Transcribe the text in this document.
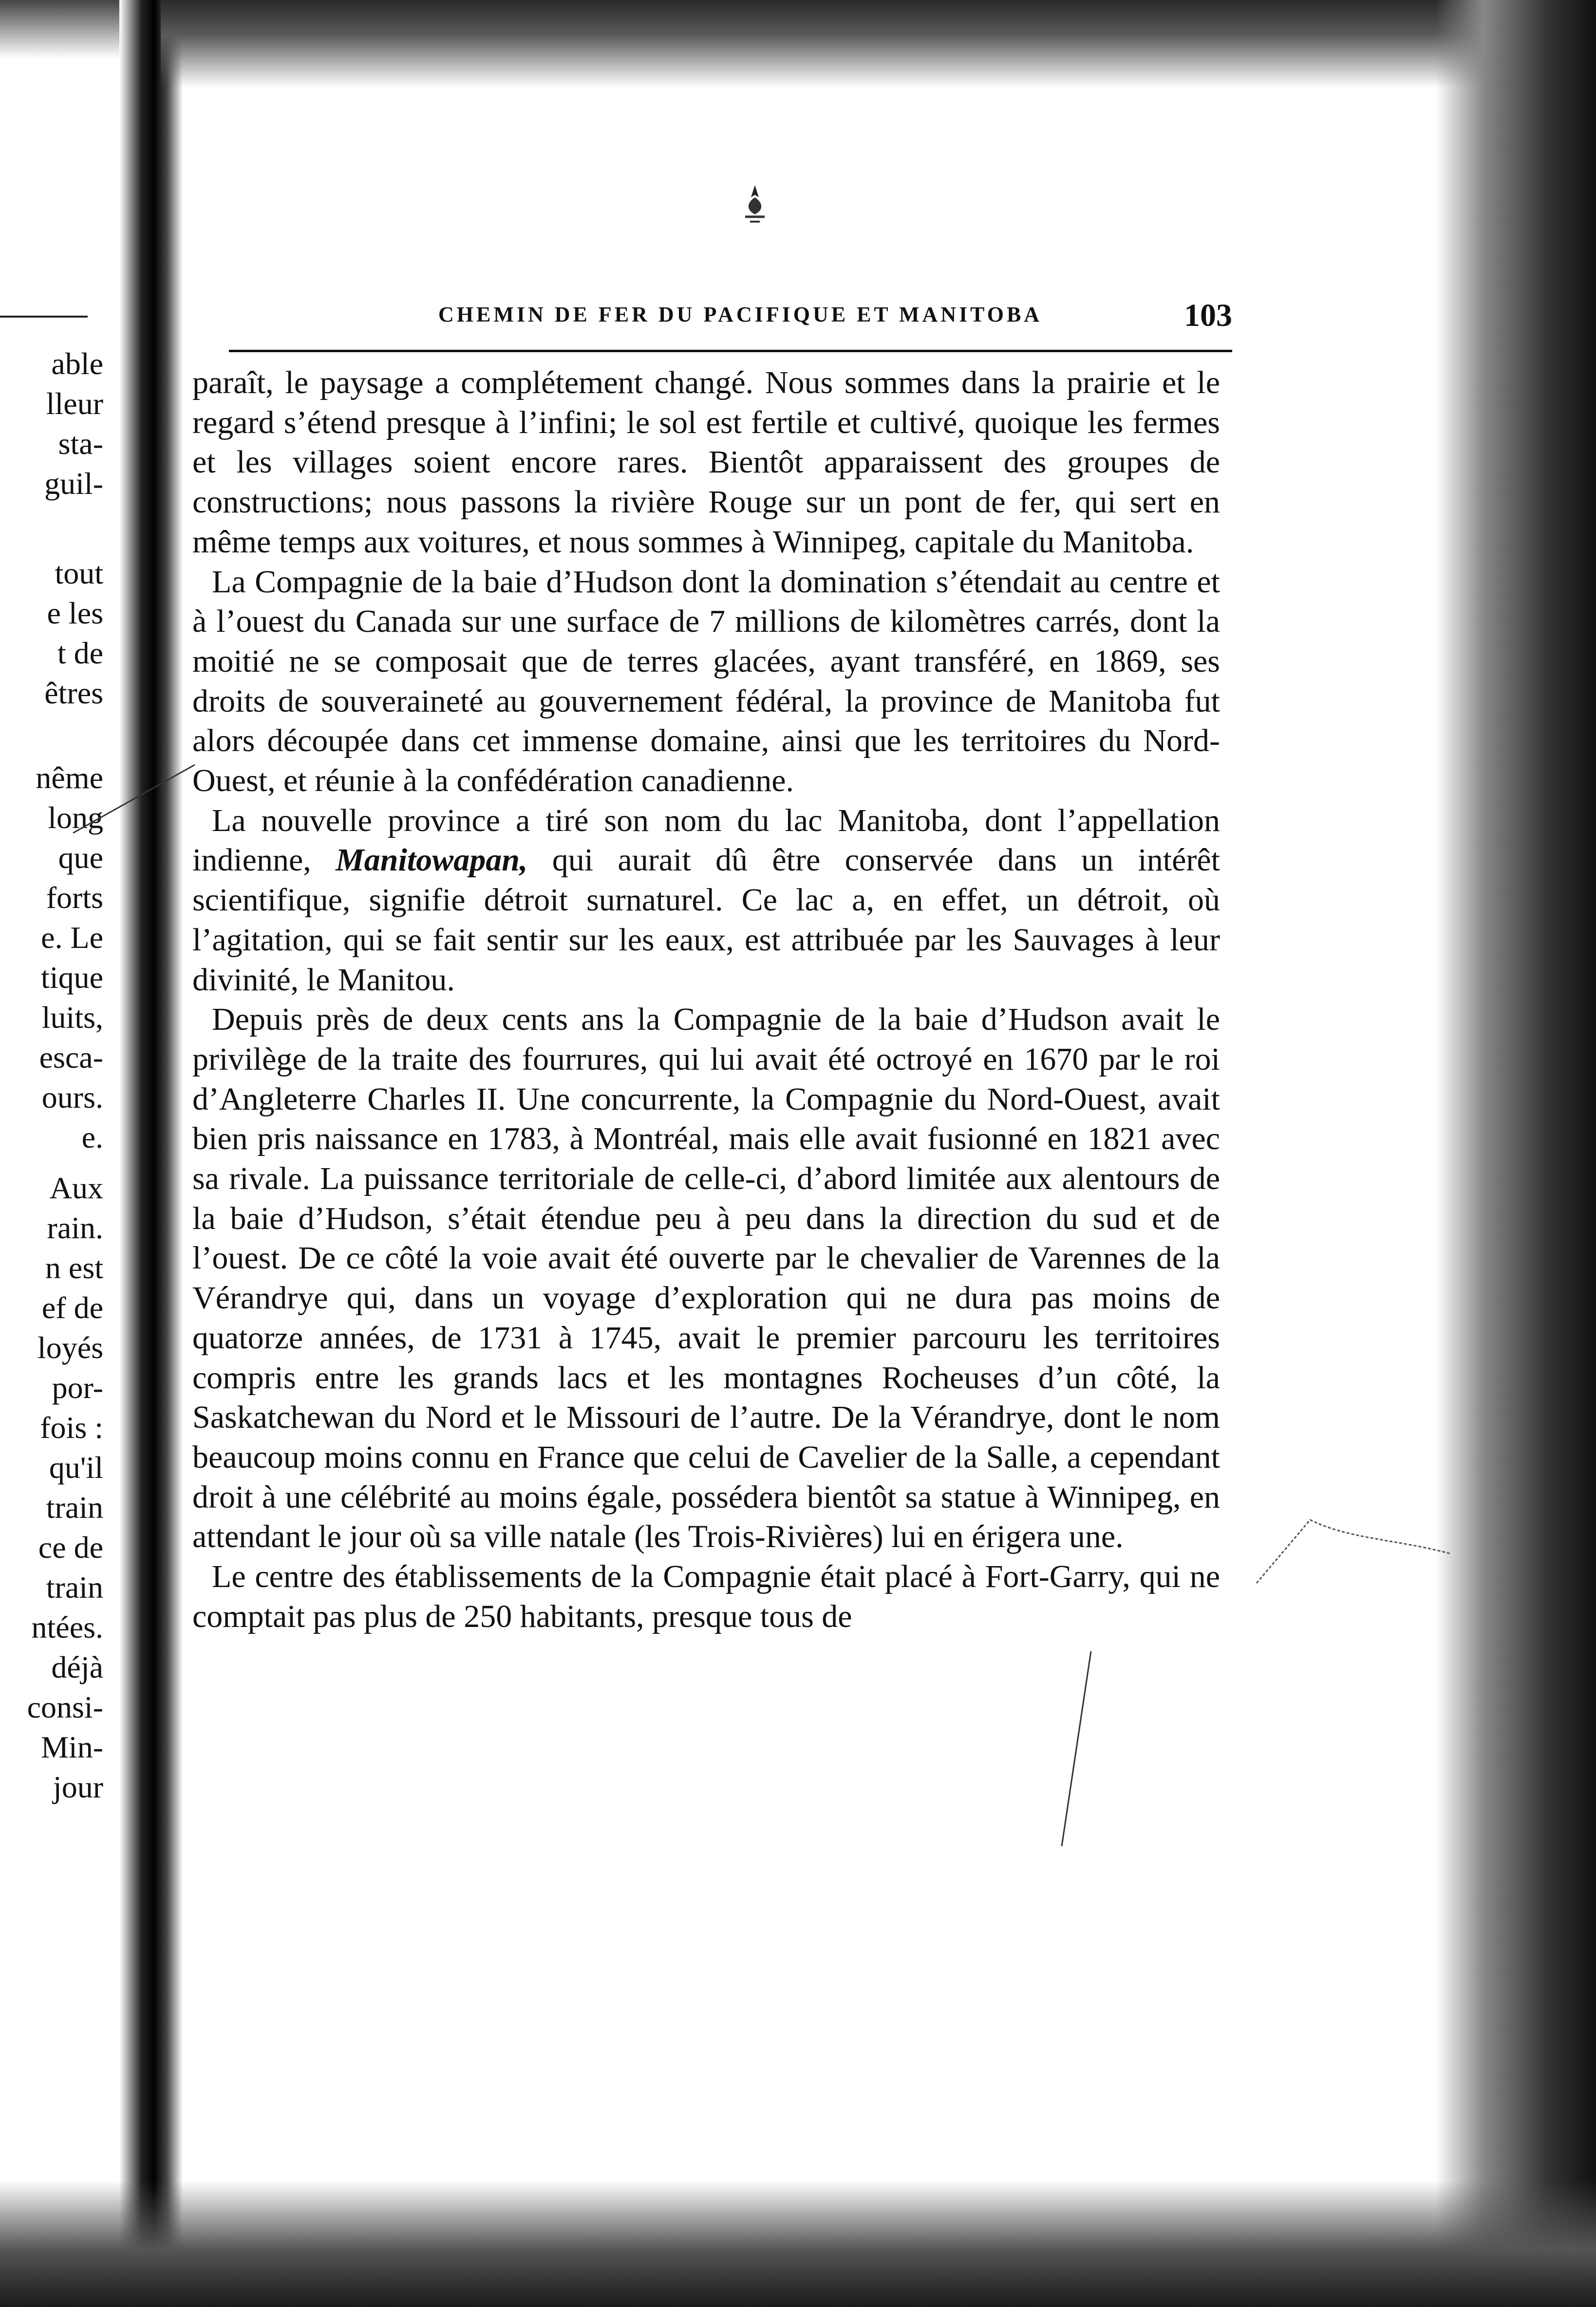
able
lleur
sta-
guil-
tout
e les
t de
êtres
nême
long
que
forts
e. Le
tique
luits,
esca-
ours.
e.
Aux
rain.
n est
ef de
loyés
por-
fois :
qu'il
train
ce de
train
ntées.
déjà
consi-
Min-
jour
CHEMIN DE FER DU PACIFIQUE ET MANITOBA	103

paraît, le paysage a complétement changé. Nous sommes dans la prairie et le regard s’étend presque à l’infini; le sol est fertile et cultivé, quoique les fermes et les villages soient encore rares. Bientôt apparaissent des groupes de constructions; nous passons la rivière Rouge sur un pont de fer, qui sert en même temps aux voitures, et nous sommes à Winnipeg, capitale du Manitoba.

La Compagnie de la baie d’Hudson dont la domination s’étendait au centre et à l’ouest du Canada sur une surface de 7 millions de kilomètres carrés, dont la moitié ne se composait que de terres glacées, ayant transféré, en 1869, ses droits de souveraineté au gouvernement fédéral, la province de Manitoba fut alors découpée dans cet immense domaine, ainsi que les territoires du Nord-Ouest, et réunie à la confédération canadienne.

La nouvelle province a tiré son nom du lac Manitoba, dont l’appellation indienne, Manitowapan, qui aurait dû être conservée dans un intérêt scientifique, signifie détroit surnaturel. Ce lac a, en effet, un détroit, où l’agitation, qui se fait sentir sur les eaux, est attribuée par les Sauvages à leur divinité, le Manitou.

Depuis près de deux cents ans la Compagnie de la baie d’Hudson avait le privilège de la traite des fourrures, qui lui avait été octroyé en 1670 par le roi d’Angleterre Charles II. Une concurrente, la Compagnie du Nord-Ouest, avait bien pris naissance en 1783, à Montréal, mais elle avait fusionné en 1821 avec sa rivale. La puissance territoriale de celle-ci, d’abord limitée aux alentours de la baie d’Hudson, s’était étendue peu à peu dans la direction du sud et de l’ouest. De ce côté la voie avait été ouverte par le chevalier de Varennes de la Vérandrye qui, dans un voyage d’exploration qui ne dura pas moins de quatorze années, de 1731 à 1745, avait le premier parcouru les territoires compris entre les grands lacs et les montagnes Rocheuses d’un côté, la Saskatchewan du Nord et le Missouri de l’autre. De la Vérandrye, dont le nom beaucoup moins connu en France que celui de Cavelier de la Salle, a cependant droit à une célébrité au moins égale, possédera bientôt sa statue à Winnipeg, en attendant le jour où sa ville natale (les Trois-Rivières) lui en érigera une.

Le centre des établissements de la Compagnie était placé à Fort-Garry, qui ne comptait pas plus de 250 habitants, presque tous de
